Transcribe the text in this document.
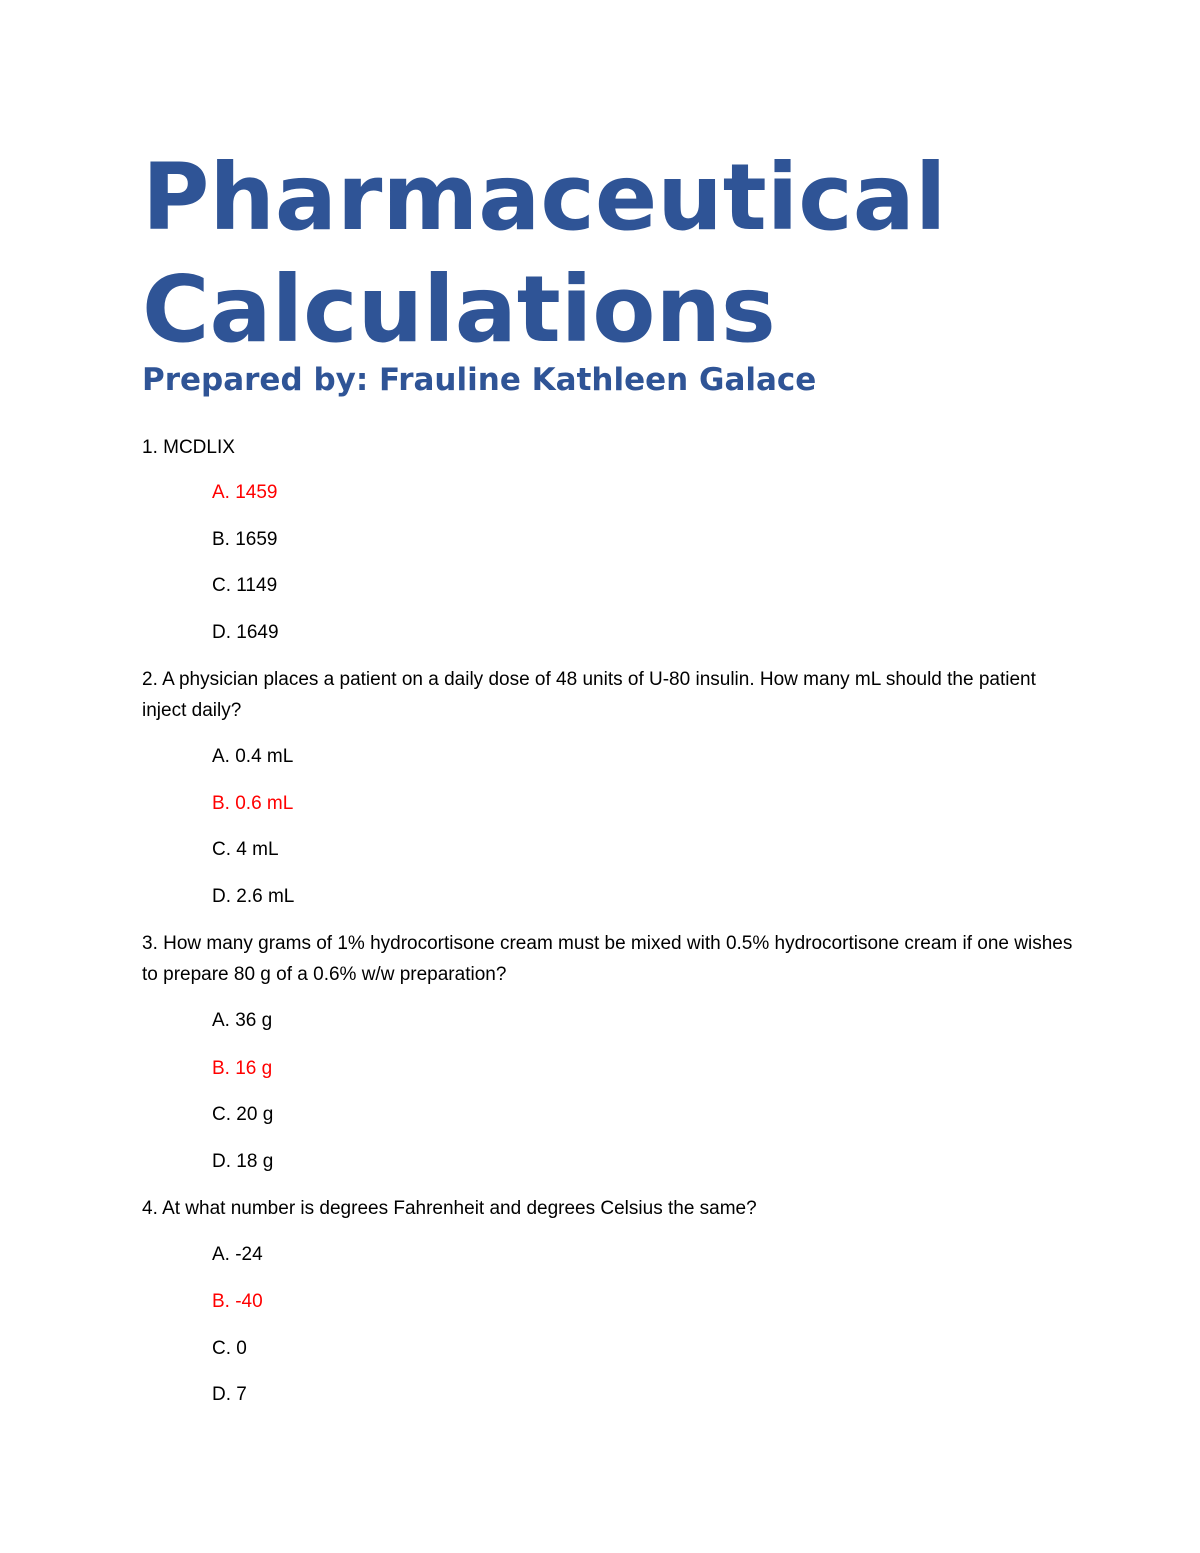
Pharmaceutical
Calculations
Prepared by: Frauline Kathleen Galace
1. MCDLIX
A. 1459
B. 1659
C. 1149
D. 1649
2. A physician places a patient on a daily dose of 48 units of U-80 insulin. How many mL should the patient inject daily?
A. 0.4 mL
B. 0.6 mL
C. 4 mL
D. 2.6 mL
3. How many grams of 1% hydrocortisone cream must be mixed with 0.5% hydrocortisone cream if one wishes to prepare 80 g of a 0.6% w/w preparation?
A. 36 g
B. 16 g
C. 20 g
D. 18 g
4. At what number is degrees Fahrenheit and degrees Celsius the same?
A. -24
B. -40
C. 0
D. 7
